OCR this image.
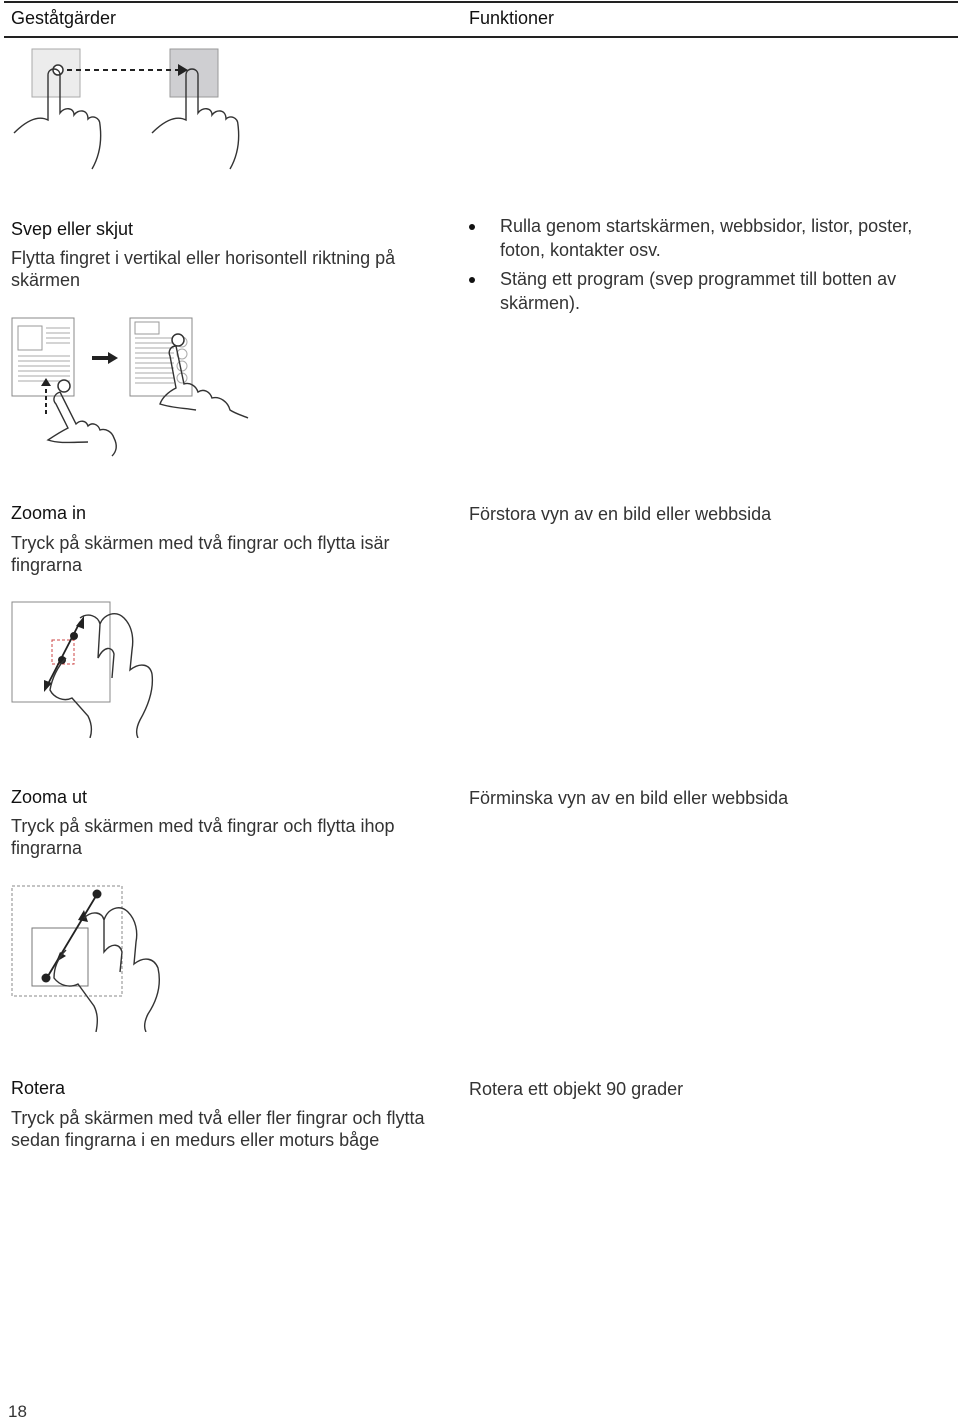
Geståtgärder	Funktioner
Svep eller skjut
Flytta fingret i vertikal eller horisontell riktning på skärmen
Rulla genom startskärmen, webbsidor, listor, poster, foton, kontakter osv.
Stäng ett program (svep programmet till botten av skärmen).
Zooma in
Tryck på skärmen med två fingrar och flytta isär fingrarna
Förstora vyn av en bild eller webbsida
Zooma ut
Tryck på skärmen med två fingrar och flytta ihop fingrarna
Förminska vyn av en bild eller webbsida
Rotera
Tryck på skärmen med två eller fler fingrar och flytta sedan fingrarna i en medurs eller moturs båge
Rotera ett objekt 90 grader
18
